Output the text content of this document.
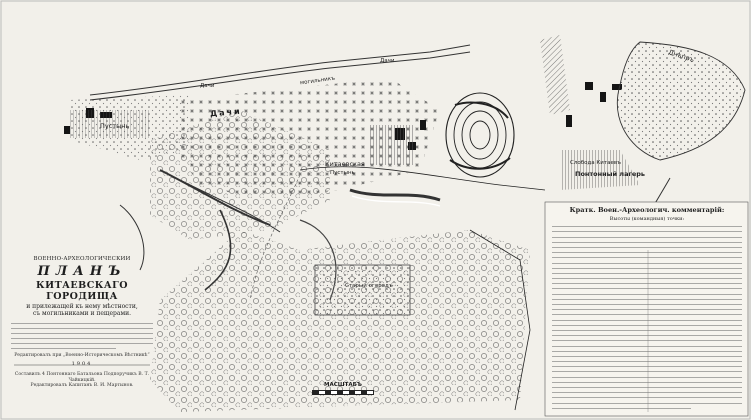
Дачи
Дачи
Дачи
Пустынь
Китаевская
Пустынь
могильникъ
Понтонный лагерь
Слобода Китаевъ
Старый огородъ
Днѣпръ
ВОЕННО-АРХЕОЛОГИЧЕСКИЙ
ПЛАНЪ
КИТАЕВСКАГО ГОРОДИЩА
и прилежащей къ нему мѣстности,
съ могильниками и пещерами.
Редактировалъ при „Военно-Историческомъ Вѣстникѣ“
1904
Составилъ 4 Понтоннаго Батальона Подпоручикъ В. Т. Чайкицкiй.
Редактировалъ Капитанъ В. И. Мартынов.	МАСШТАБЪ
Кратк. Воен.-Археологич. комментарiй:
Высоты (командныя) точки:
